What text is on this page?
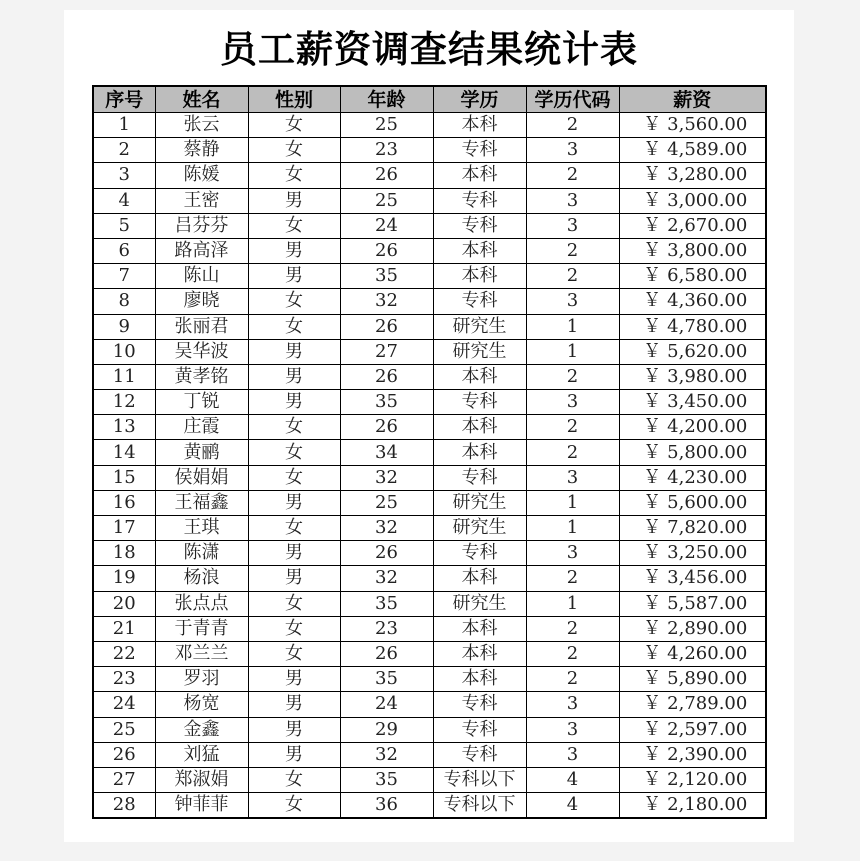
员工薪资调查结果统计表
序号	姓名	性别	年龄	学历	学历代码	薪资
1	张云	女	25	本科	2	￥ 3,560.00
2	蔡静	女	23	专科	3	￥ 4,589.00
3	陈媛	女	26	本科	2	￥ 3,280.00
4	王密	男	25	专科	3	￥ 3,000.00
5	吕芬芬	女	24	专科	3	￥ 2,670.00
6	路高泽	男	26	本科	2	￥ 3,800.00
7	陈山	男	35	本科	2	￥ 6,580.00
8	廖晓	女	32	专科	3	￥ 4,360.00
9	张丽君	女	26	研究生	1	￥ 4,780.00
10	吴华波	男	27	研究生	1	￥ 5,620.00
11	黄孝铭	男	26	本科	2	￥ 3,980.00
12	丁锐	男	35	专科	3	￥ 3,450.00
13	庄霞	女	26	本科	2	￥ 4,200.00
14	黄鹂	女	34	本科	2	￥ 5,800.00
15	侯娟娟	女	32	专科	3	￥ 4,230.00
16	王福鑫	男	25	研究生	1	￥ 5,600.00
17	王琪	女	32	研究生	1	￥ 7,820.00
18	陈潇	男	26	专科	3	￥ 3,250.00
19	杨浪	男	32	本科	2	￥ 3,456.00
20	张点点	女	35	研究生	1	￥ 5,587.00
21	于青青	女	23	本科	2	￥ 2,890.00
22	邓兰兰	女	26	本科	2	￥ 4,260.00
23	罗羽	男	35	本科	2	￥ 5,890.00
24	杨宽	男	24	专科	3	￥ 2,789.00
25	金鑫	男	29	专科	3	￥ 2,597.00
26	刘猛	男	32	专科	3	￥ 2,390.00
27	郑淑娟	女	35	专科以下	4	￥ 2,120.00
28	钟菲菲	女	36	专科以下	4	￥ 2,180.00
